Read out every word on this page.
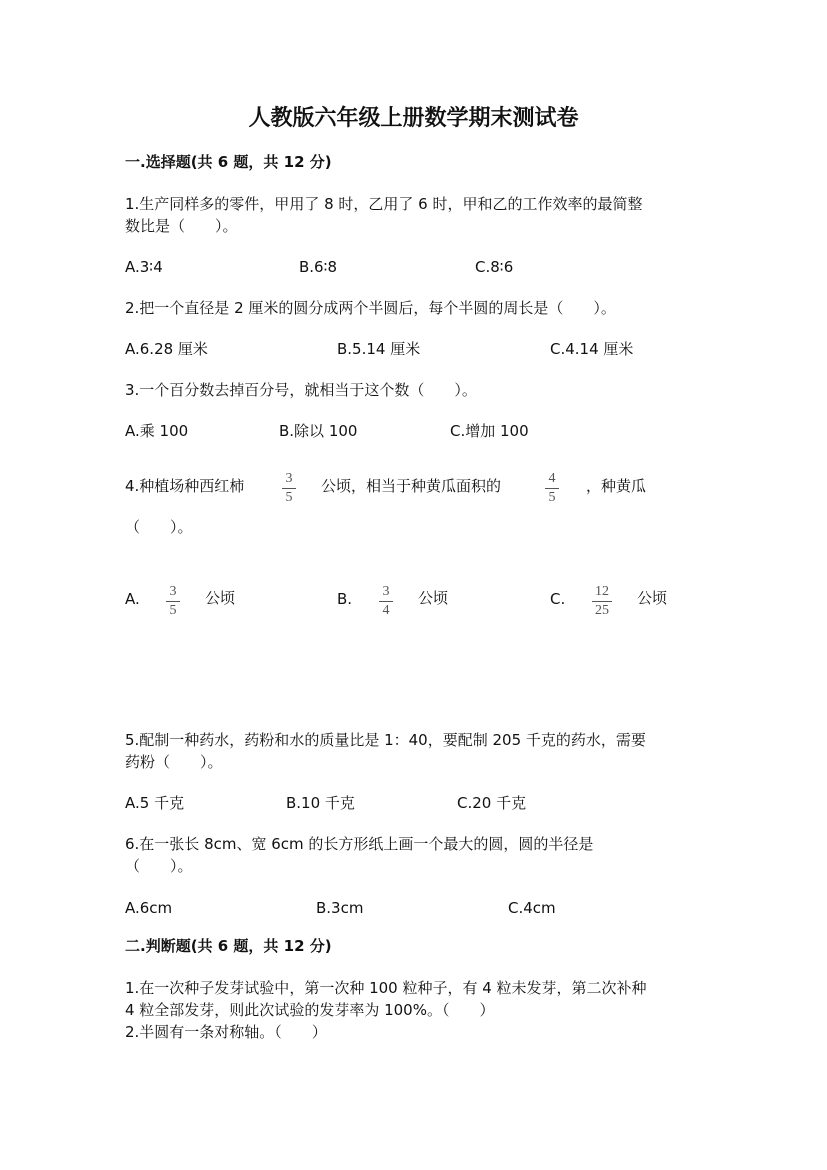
人教版六年级上册数学期末测试卷
一.选择题(共 6 题，共 12 分)
1.生产同样多的零件，甲用了 8 时，乙用了 6 时，甲和乙的工作效率的最简整
数比是（　　）。
A.3∶4	B.6∶8	C.8∶6
2.把一个直径是 2 厘米的圆分成两个半圆后，每个半圆的周长是（　　）。
A.6.28 厘米	B.5.14 厘米	C.4.14 厘米
3.一个百分数去掉百分号，就相当于这个数（　　）。
A.乘 100	B.除以 100	C.增加 100
4.种植场种西红柿	3
5
公顷，相当于种黄瓜面积的	4
5
，种黄瓜
（　　）。
A. 3
5
公顷	B. 3
4
公顷	C. 12
25
公顷
5.配制一种药水，药粉和水的质量比是 1：40，要配制 205 千克的药水，需要
药粉（　　）。
A.5 千克	B.10 千克	C.20 千克
6.在一张长 8cm、宽 6cm 的长方形纸上画一个最大的圆，圆的半径是
（　　）。
A.6cm	B.3cm	C.4cm
二.判断题(共 6 题，共 12 分)
1.在一次种子发芽试验中，第一次种 100 粒种子，有 4 粒未发芽，第二次补种
4 粒全部发芽，则此次试验的发芽率为 100%。（　　）
2.半圆有一条对称轴。（　　）
